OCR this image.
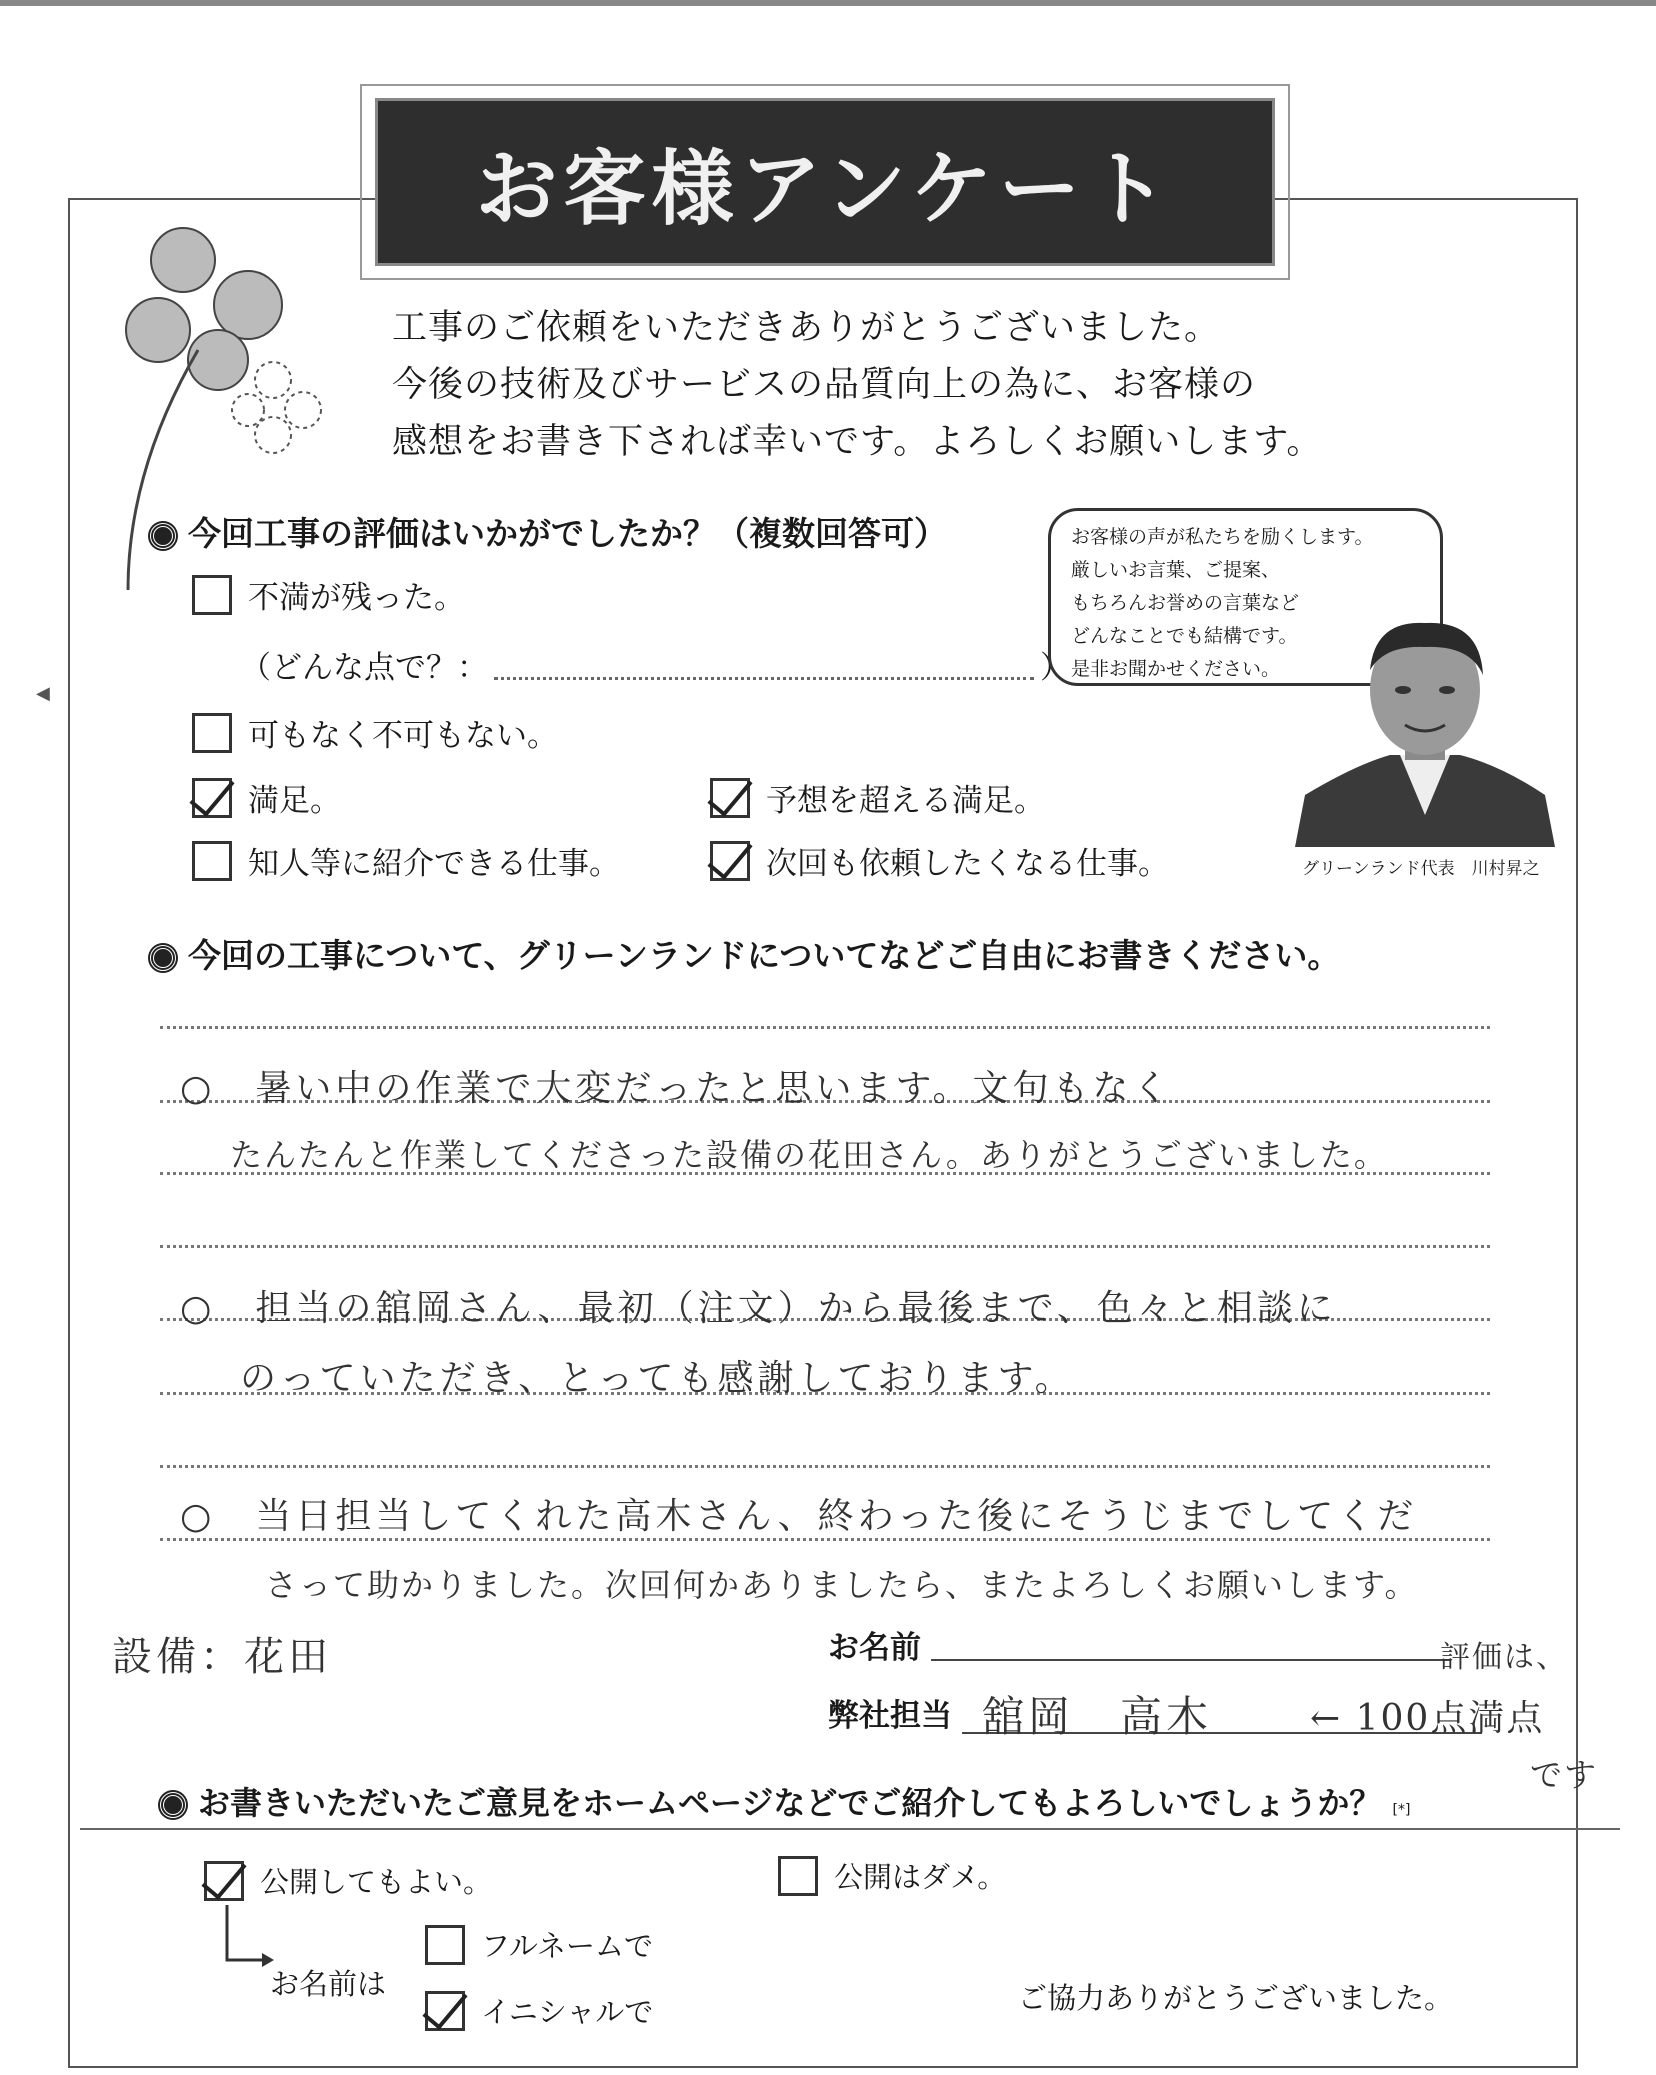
◀
お客様アンケート
工事のご依頼をいただきありがとうございました。
今後の技術及びサービスの品質向上の為に、お客様の
感想をお書き下されば幸いです。よろしくお願いします。
今回工事の評価はいかがでしたか？（複数回答可）
不満が残った。
（どんな点で？：	）
可もなく不可もない。
満足。	予想を超える満足。
知人等に紹介できる仕事。	次回も依頼したくなる仕事。
お客様の声が私たちを励くします。
厳しいお言葉、ご提案、
もちろんお誉めの言葉など
どんなことでも結構です。
是非お聞かせください。
グリーンランド代表　川村昇之
今回の工事について、グリーンランドについてなどご自由にお書きください。
○　暑い中の作業で大変だったと思います。文句もなく
たんたんと作業してくださった設備の花田さん。ありがとうございました。
○　担当の舘岡さん、最初（注文）から最後まで、色々と相談に
のっていただき、とっても感謝しております。
○　当日担当してくれた高木さん、終わった後にそうじまでしてくだ
さって助かりました。次回何かありましたら、またよろしくお願いします。
設備：花田	お名前	評価は、
弊社担当 舘岡　高木	← 100点満点
です
お書きいただいたご意見をホームページなどでご紹介してもよろしいでしょうか？ [*]
公開してもよい。	公開はダメ。
お名前は
フルネームで
イニシャルで	ご協力ありがとうございました。
